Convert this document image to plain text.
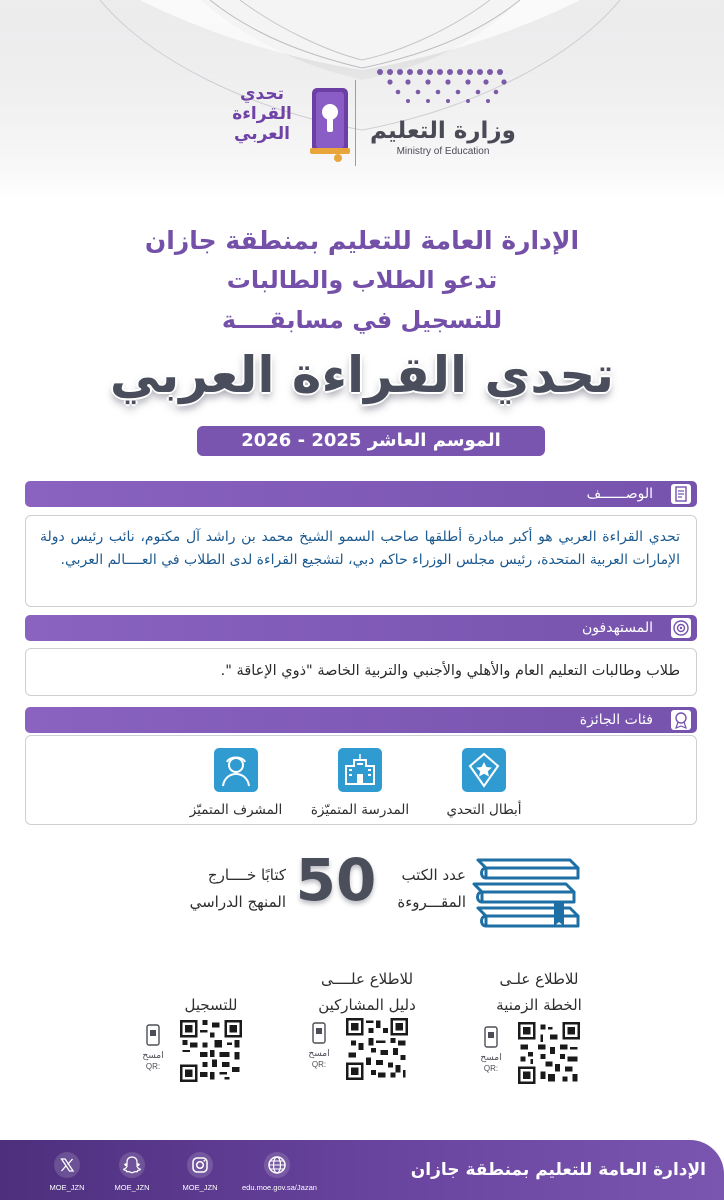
وزارة التعليم
Ministry of Education
تحدي
القراءة
العربي
الإدارة العامة للتعليم بمنطقة جازان
تدعو الطلاب والطالبات
للتسجيل في مسابقــــة
تحدي القراءة العربي
الموسم العاشر 2025 - 2026
الوصــــــف
تحدي القراءة العربي هو أكبر مبادرة أطلقها صاحب السمو الشيخ محمد بن راشد آل مكتوم، نائب رئيس دولة الإمارات العربية المتحدة، رئيس مجلس الوزراء حاكم دبي، لتشجيع القراءة لدى الطلاب في العــــالم العربي.
المستهدفون
طلاب وطالبات التعليم العام والأهلي والأجنبي والتربية الخاصة "ذوي الإعاقة ".
فئات الجائزة
أبطال التحدي
المدرسة المتميّزة
المشرف المتميّز
عدد الكتب
المقـــروءة
50
كتابًا خــــارج
المنهج الدراسي
للاطلاع علـى
الخطة الزمنية
للاطلاع علــــى
دليل المشاركين
للتسجيل
امسح
QR:
امسح
QR:
امسح
QR:
الإدارة العامة للتعليم بمنطقة جازان
edu.moe.gov.sa/Jazan
MOE_JZN
MOE_JZN
MOE_JZN
